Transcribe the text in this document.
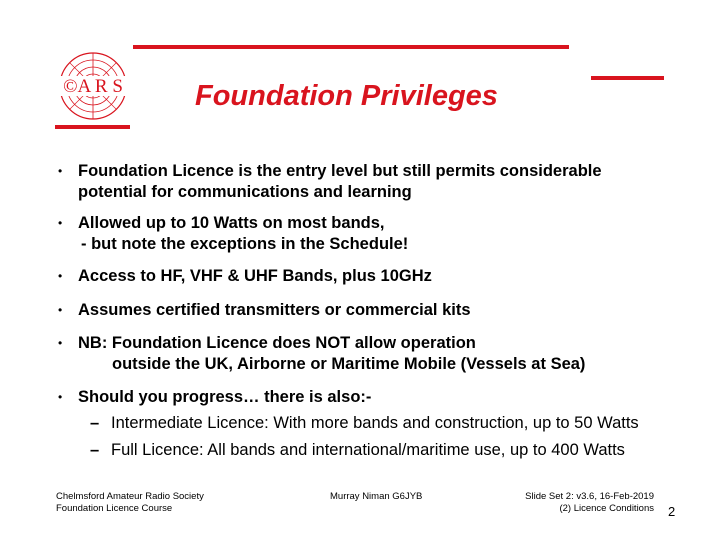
©A R S Foundation Privileges
• Foundation Licence is the entry level but still permits considerable
potential for communications and learning
• Allowed up to 10 Watts on most bands,
- but note the exceptions in the Schedule!
• Access to HF, VHF & UHF Bands, plus 10GHz
• Assumes certified transmitters or commercial kits
• NB: Foundation Licence does NOT allow operation
outside the UK, Airborne or Maritime Mobile (Vessels at Sea)
• Should you progress… there is also:-
– Intermediate Licence: With more bands and construction, up to 50 Watts
– Full Licence: All bands and international/maritime use, up to 400 Watts
Chelmsford Amateur Radio Society
Foundation Licence Course
Murray Niman G6JYB	Slide Set 2: v3.6, 16-Feb-2019
(2) Licence Conditions 2
